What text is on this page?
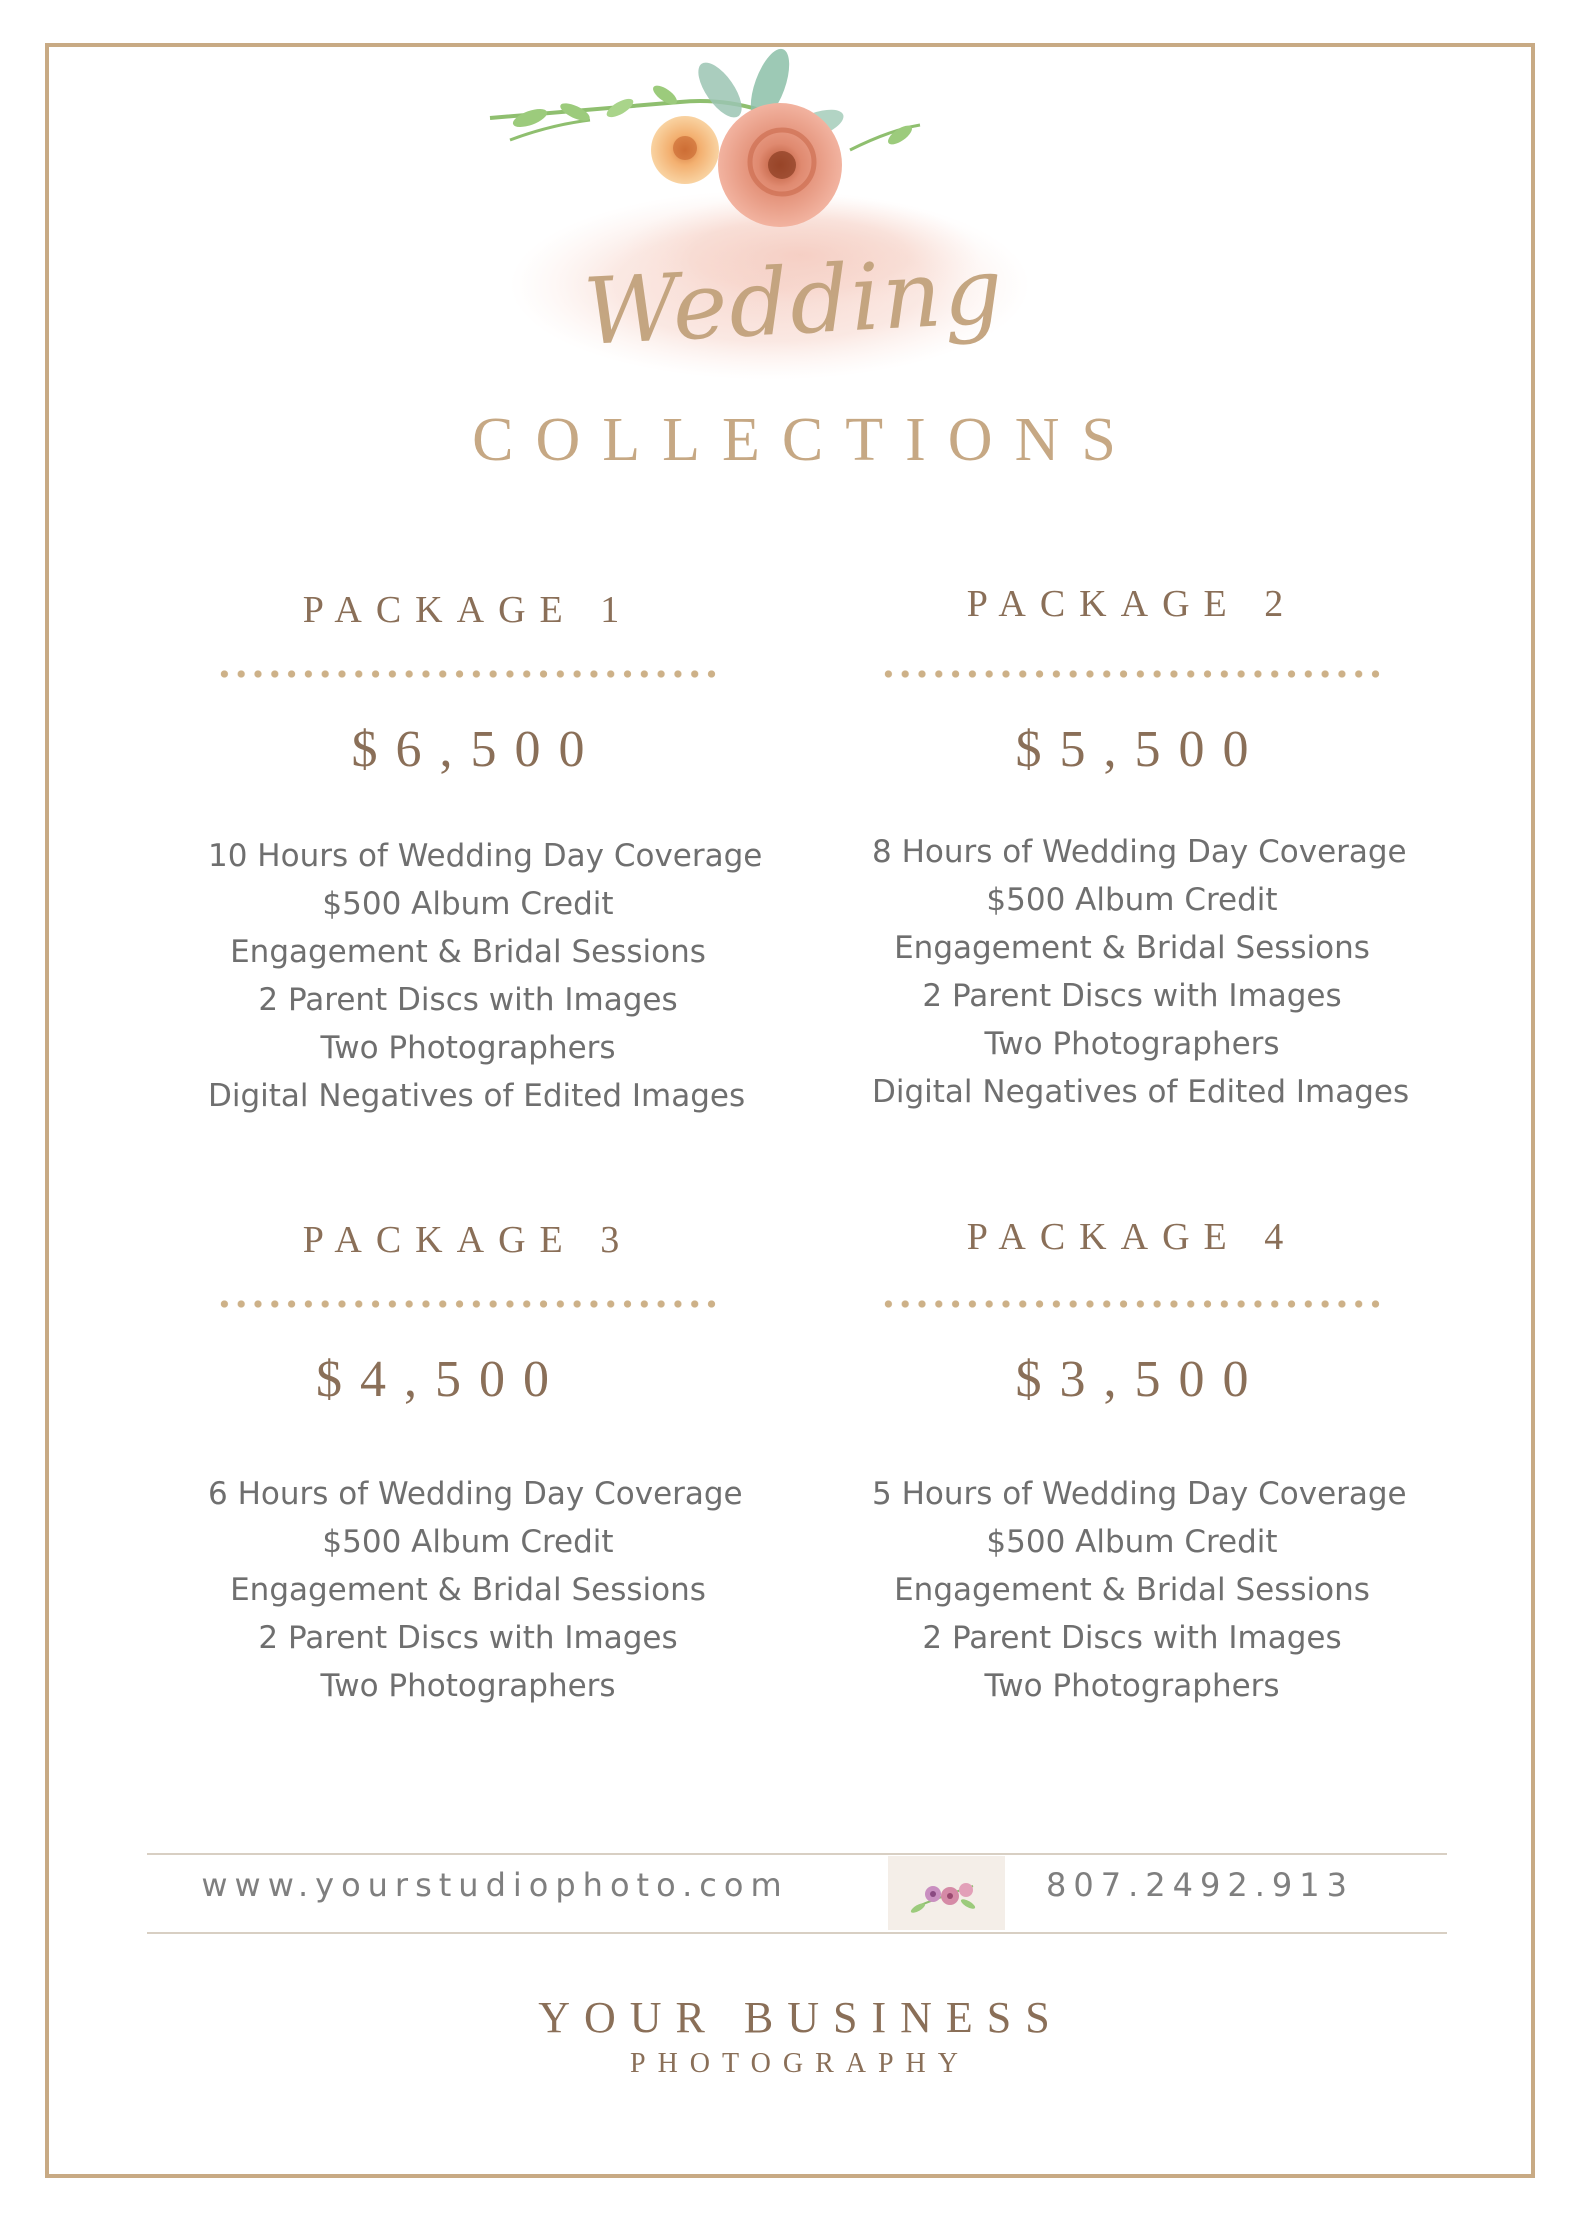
Wedding
COLLECTIONS
PACKAGE 1
$6,500
10 Hours of Wedding Day Coverage
$500 Album Credit
Engagement & Bridal Sessions
2 Parent Discs with Images
Two Photographers
Digital Negatives of Edited Images
PACKAGE 2
$5,500
8 Hours of Wedding Day Coverage
$500 Album Credit
Engagement & Bridal Sessions
2 Parent Discs with Images
Two Photographers
Digital Negatives of Edited Images
PACKAGE 3
$4,500
6 Hours of Wedding Day Coverage
$500 Album Credit
Engagement & Bridal Sessions
2 Parent Discs with Images
Two Photographers
PACKAGE 4
$3,500
5 Hours of Wedding Day Coverage
$500 Album Credit
Engagement & Bridal Sessions
2 Parent Discs with Images
Two Photographers
www.yourstudiophoto.com	807.2492.913
YOUR BUSINESS
PHOTOGRAPHY
